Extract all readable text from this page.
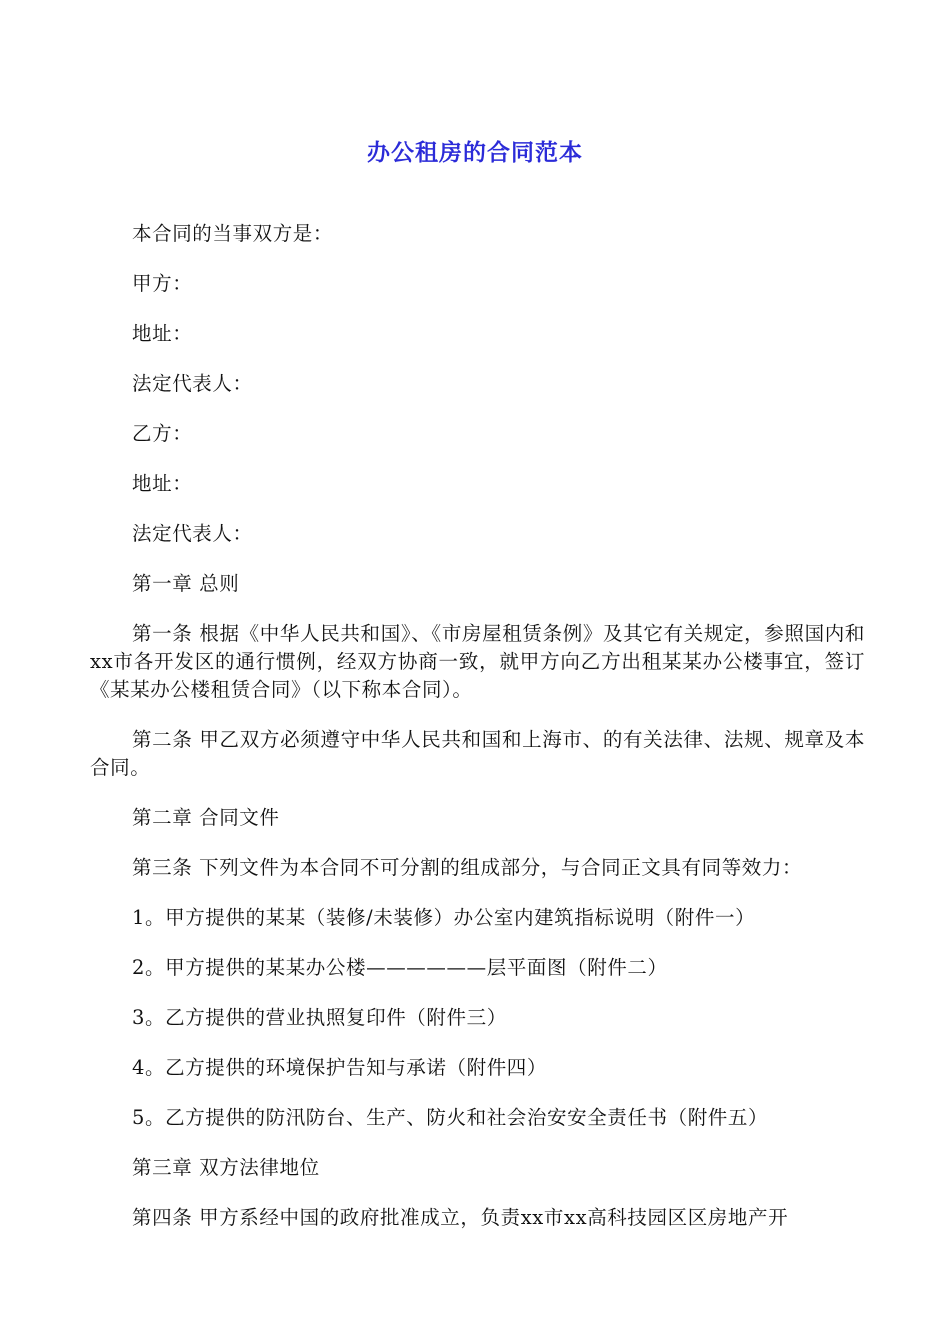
办公租房的合同范本
本合同的当事双方是：
甲方：
地址：
法定代表人：
乙方：
地址：
法定代表人：
第一章 总则
第一条 根据《中华人民共和国》、《市房屋租赁条例》及其它有关规定，参照国内和xx市各开发区的通行惯例，经双方协商一致，就甲方向乙方出租某某办公楼事宜，签订《某某办公楼租赁合同》（以下称本合同）。
第二条 甲乙双方必须遵守中华人民共和国和上海市、的有关法律、法规、规章及本合同。
第二章 合同文件
第三条 下列文件为本合同不可分割的组成部分，与合同正文具有同等效力：
1。甲方提供的某某（装修/未装修）办公室内建筑指标说明（附件一）
2。甲方提供的某某办公楼——————层平面图（附件二）
3。乙方提供的营业执照复印件（附件三）
4。乙方提供的环境保护告知与承诺（附件四）
5。乙方提供的防汛防台、生产、防火和社会治安安全责任书（附件五）
第三章 双方法律地位
第四条 甲方系经中国的政府批准成立，负责xx市xx高科技园区区房地产开
